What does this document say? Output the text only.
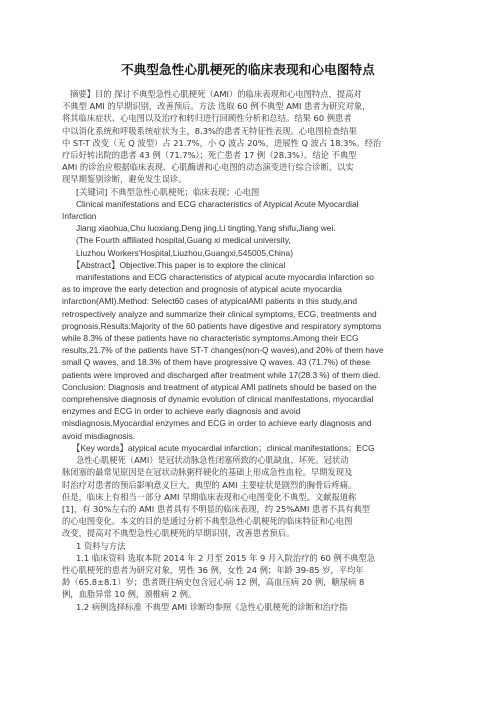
不典型急性心肌梗死的临床表现和心电图特点

摘要】目的 探讨不典型急性心肌梗死（AMI）的临床表现和心电图特点，提高对

不典型 AMI 的早期识别，改善预后。方法 选取 60 例不典型 AMI 患者为研究对象，

将其临床症状、心电图以及治疗和转归进行回顾性分析和总结。结果 60 例患者

中以消化系统和呼吸系统症状为主，8.3%的患者无特征性表现。心电图检查结果

中 ST-T 改变（无 Q 波型）占 21.7%，小 Q 波占 20%，进展性 Q 波占 18.3%。经治

疗后好转出院的患者 43 例（71.7%）；死亡患者 17 例（28.3%）。结论 不典型

AMI 的诊治应根据临床表现、心肌酶谱和心电图的动态演变进行综合诊断，以实

现早期鉴别诊断，避免发生误诊。

[关键词] 不典型急性心肌梗死；临床表现；心电图

Clinical manifestations and ECG characteristics of Atypical Acute Myocardial

Infarction

Jiang xiaohua,Chu luoxiang,Deng jing,Li tingting,Yang shifu,Jiang wei.

(The Fourth affiliated hospital,Guang xi medical university,

Liuzhou Workers'Hospital,Liuzhou,Guangxi,545005,China)

【Abstract】Objective:This paper is to explore the clinical

manifestations and ECG characteristics of atypical acute myocardia infarction so

as to improve the early detection and prognosis of atypical acute myocardia

infarction(AMI).Method: Select60 cases of atypicalAMI patients in this study,and

retrospectively analyze and summarize their clinical symptoms, ECG, treatments and

prognosis.Results:Majority of the 60 patients have digestive and respiratory symptoms

while 8.3% of these patients have no characteristic symptoms.Among their ECG

results,21.7% of the patients have ST-T changes(non-Q waves),and 20% of them have

small Q waves, and 18.3% of them have progressive Q waves. 43 (71.7%) of these

patients were improved and discharged after treatment while 17(28.3 %) of them died.

Conclusion: Diagnosis and treatment of atypical AMI patinets should be based on the

comprehensive diagnosis of dynamic evolution of clinical manifestations, myocardial

enzymes and ECG in order to achieve early diagnosis and avoid

misdiagnosis.Myocardial enzymes and ECG in order to achieve early diagnosis and

avoid misdiagnosis.

【Key words】atypical acute myocardial infarction；clinical manifestations；ECG

急性心肌梗死（AMI）是冠状动脉急性闭塞所致的心肌缺血、坏死。冠状动

脉闭塞的最常见原因是在冠状动脉粥样硬化的基础上形成急性血栓。早期发现及

时治疗对患者的预后影响意义巨大。典型的 AMI 主要症状是剧烈的胸骨后疼痛。

但是，临床上有相当一部分 AMI 早期临床表现和心电图变化不典型。文献报道称

[1]，有 30%左右的 AMI 患者具有不明显的临床表现，约 25%AMI 患者不具有典型

的心电图变化。本文的目的是通过分析不典型急性心肌梗死的临床特征和心电图

改变，提高对不典型急性心肌梗死的早期识别，改善患者预后。

1 资料与方法

1.1 临床资料 选取本院 2014 年 2 月至 2015 年 9 月入院治疗的 60 例不典型急

性心肌梗死的患者为研究对象，男性 36 例，女性 24 例；年龄 39-85 岁，平均年

龄（65.8±8.1）岁；患者既往病史包含冠心病 12 例，高血压病 20 例，糖尿病 8

例，血脂异常 10 例，颈椎病 2 例。

1.2 病例选择标准 不典型 AMI 诊断均参照《急性心肌梗死的诊断和治疗指
